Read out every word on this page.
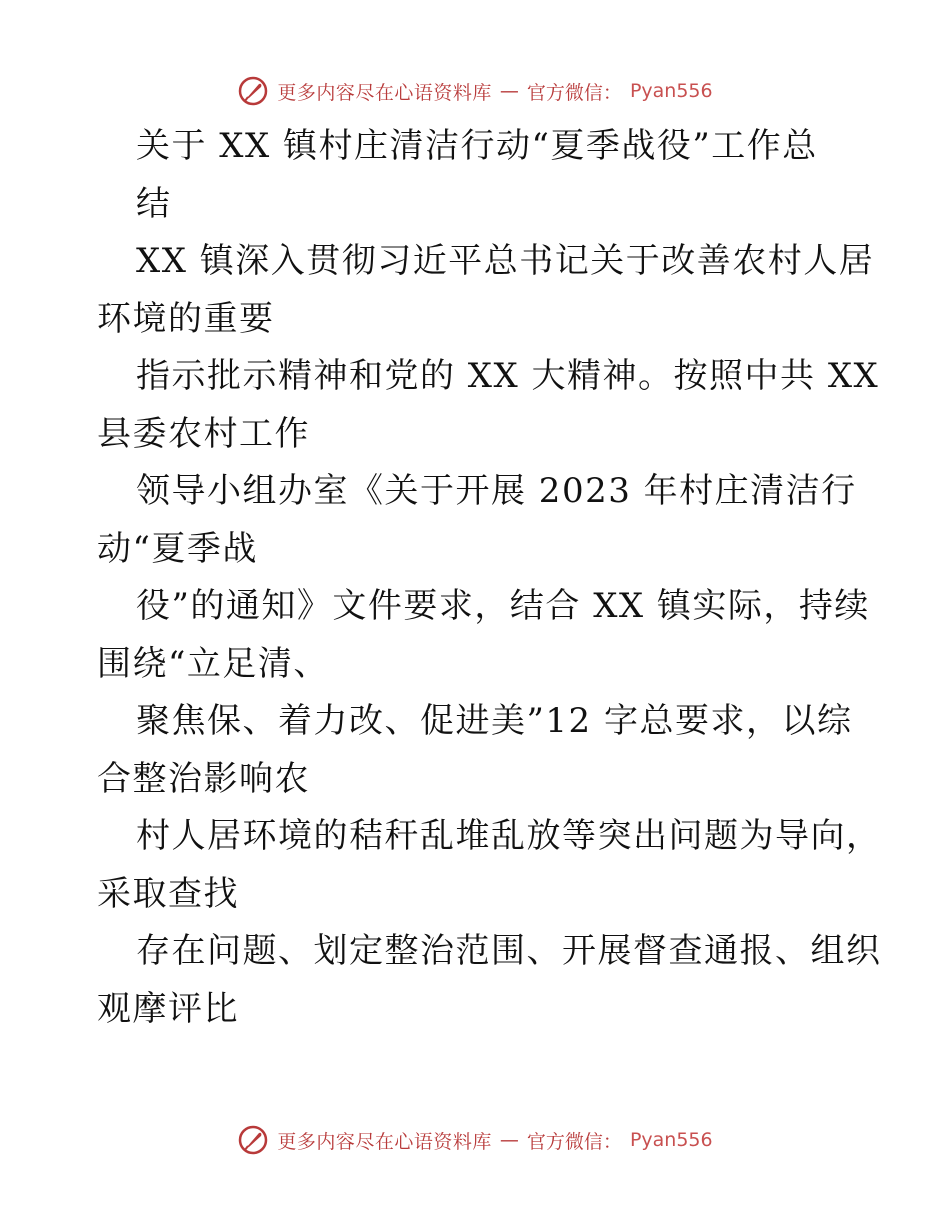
更多内容尽在心语资料库 — 官方微信： Pyan556
关于 XX 镇村庄清洁行动“夏季战役”工作总
结
XX 镇深入贯彻习近平总书记关于改善农村人居
环境的重要
指示批示精神和党的 XX 大精神。按照中共 XX
县委农村工作
领导小组办室《关于开展 2023 年村庄清洁行
动“夏季战
役”的通知》文件要求，结合 XX 镇实际，持续
围绕“立足清、
聚焦保、着力改、促进美”12 字总要求，以综
合整治影响农
村人居环境的秸秆乱堆乱放等突出问题为导向，
采取查找
存在问题、划定整治范围、开展督查通报、组织
观摩评比
更多内容尽在心语资料库 — 官方微信： Pyan556
